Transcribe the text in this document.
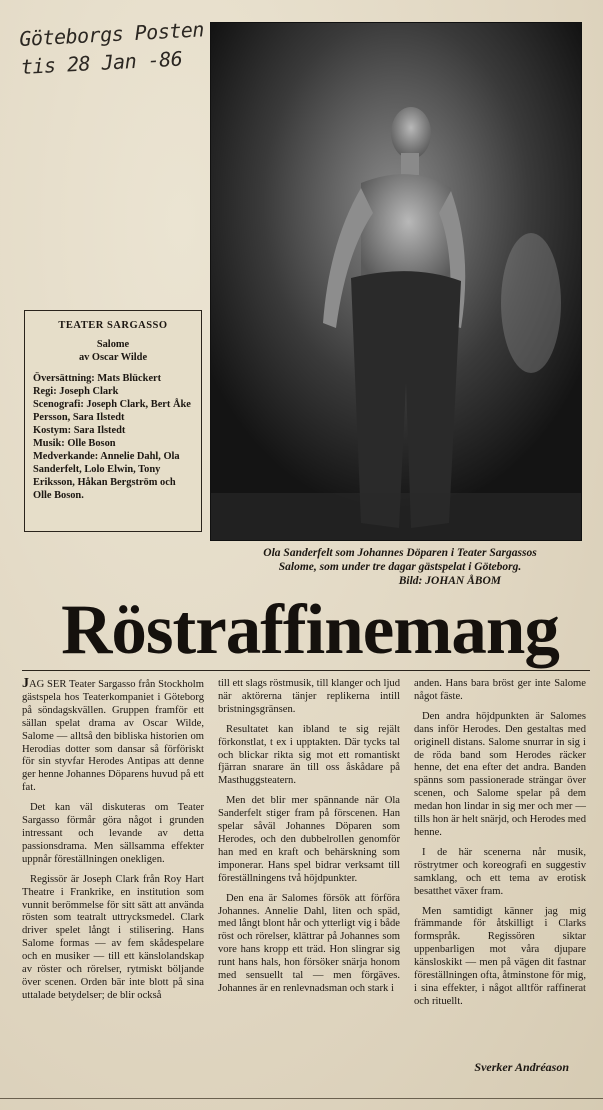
Göteborgs Posten
tis 28 Jan -86
TEATER SARGASSO
Salome
av Oscar Wilde
Översättning: Mats Blückert
Regi: Joseph Clark
Scenografi: Joseph Clark, Bert Åke Persson, Sara Ilstedt
Kostym: Sara Ilstedt
Musik: Olle Boson
Medverkande: Annelie Dahl, Ola Sanderfelt, Lolo Elwin, Tony Eriksson, Håkan Bergström och Olle Boson.
Ola Sanderfelt som Johannes Döparen i Teater Sargassos
Salome, som under tre dagar gästspelat i Göteborg.
Bild: JOHAN ÅBOM
Röstraffinemang

JAG SER Teater Sargasso från Stockholm gästspela hos Teaterkompaniet i Göteborg på söndagskvällen. Gruppen framför ett sällan spelat drama av Oscar Wilde, Salome — alltså den bibliska historien om Herodias dotter som dansar så förföriskt för sin styvfar Herodes Antipas att denne ger henne Johannes Döparens huvud på ett fat.

Det kan väl diskuteras om Teater Sargasso förmår göra något i grunden intressant och levande av detta passionsdrama. Men sällsamma effekter uppnår föreställningen onekligen.

Regissör är Joseph Clark från Roy Hart Theatre i Frankrike, en institution som vunnit berömmelse för sitt sätt att använda rösten som teatralt uttrycksmedel. Clark driver spelet långt i stilisering. Hans Salome formas — av fem skådespelare och en musiker — till ett känslolandskap av röster och rörelser, rytmiskt böljande över scenen. Orden bär inte blott på sina uttalade betydelser; de blir också

till ett slags röstmusik, till klanger och ljud när aktörerna tänjer replikerna intill bristningsgränsen.

Resultatet kan ibland te sig rejält förkonstlat, t ex i upptakten. Där tycks tal och blickar rikta sig mot ett romantiskt fjärran snarare än till oss åskådare på Masthuggsteatern.

Men det blir mer spännande när Ola Sanderfelt stiger fram på förscenen. Han spelar såväl Johannes Döparen som Herodes, och den dubbelrollen genomför han med en kraft och behärskning som imponerar. Hans spel bidrar verksamt till föreställningens två höjdpunkter.

Den ena är Salomes försök att förföra Johannes. Annelie Dahl, liten och späd, med långt blont hår och ytterligt vig i både röst och rörelser, klättrar på Johannes som vore hans kropp ett träd. Hon slingrar sig runt hans hals, hon försöker snärja honom med sensuellt tal — men förgäves. Johannes är en renlevnadsman och stark i

anden. Hans bara bröst ger inte Salome något fäste.

Den andra höjdpunkten är Salomes dans inför Herodes. Den gestaltas med originell distans. Salome snurrar in sig i de röda band som Herodes räcker henne, det ena efter det andra. Banden spänns som passionerade strängar över scenen, och Salome spelar på dem medan hon lindar in sig mer och mer — tills hon är helt snärjd, och Herodes med henne.

I de här scenerna når musik, röstrytmer och koreografi en suggestiv samklang, och ett tema av erotisk besatthet växer fram.

Men samtidigt känner jag mig främmande för åtskilligt i Clarks formspråk. Regissören siktar uppenbarligen mot våra djupare känsloskikt — men på vägen dit fastnar föreställningen ofta, åtminstone för mig, i sina effekter, i något alltför raffinerat och rituellt.

Sverker Andréason
